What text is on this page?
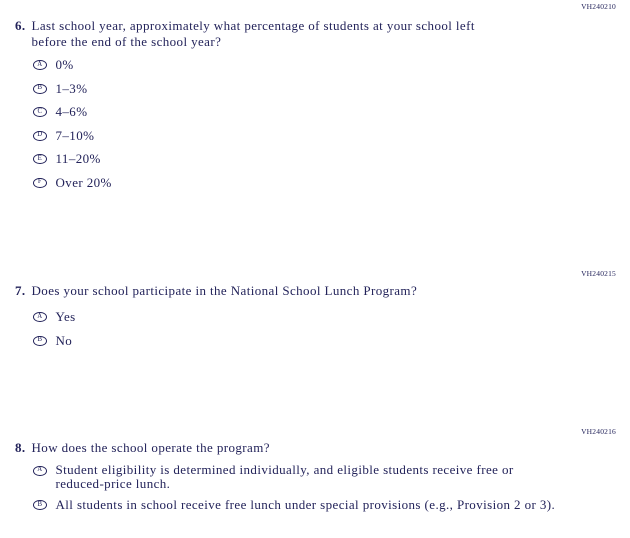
VH240210
6. Last school year, approximately what percentage of students at your school left
before the end of the school year?
A	0%
B	1–3%
C	4–6%
D	7–10%
E	11–20%
F	Over 20%
VH240215
7. Does your school participate in the National School Lunch Program?
A	Yes
B	No
VH240216
8. How does the school operate the program?
A	Student eligibility is determined individually, and eligible students receive free or
reduced-price lunch.
B	All students in school receive free lunch under special provisions (e.g., Provision 2 or 3).
